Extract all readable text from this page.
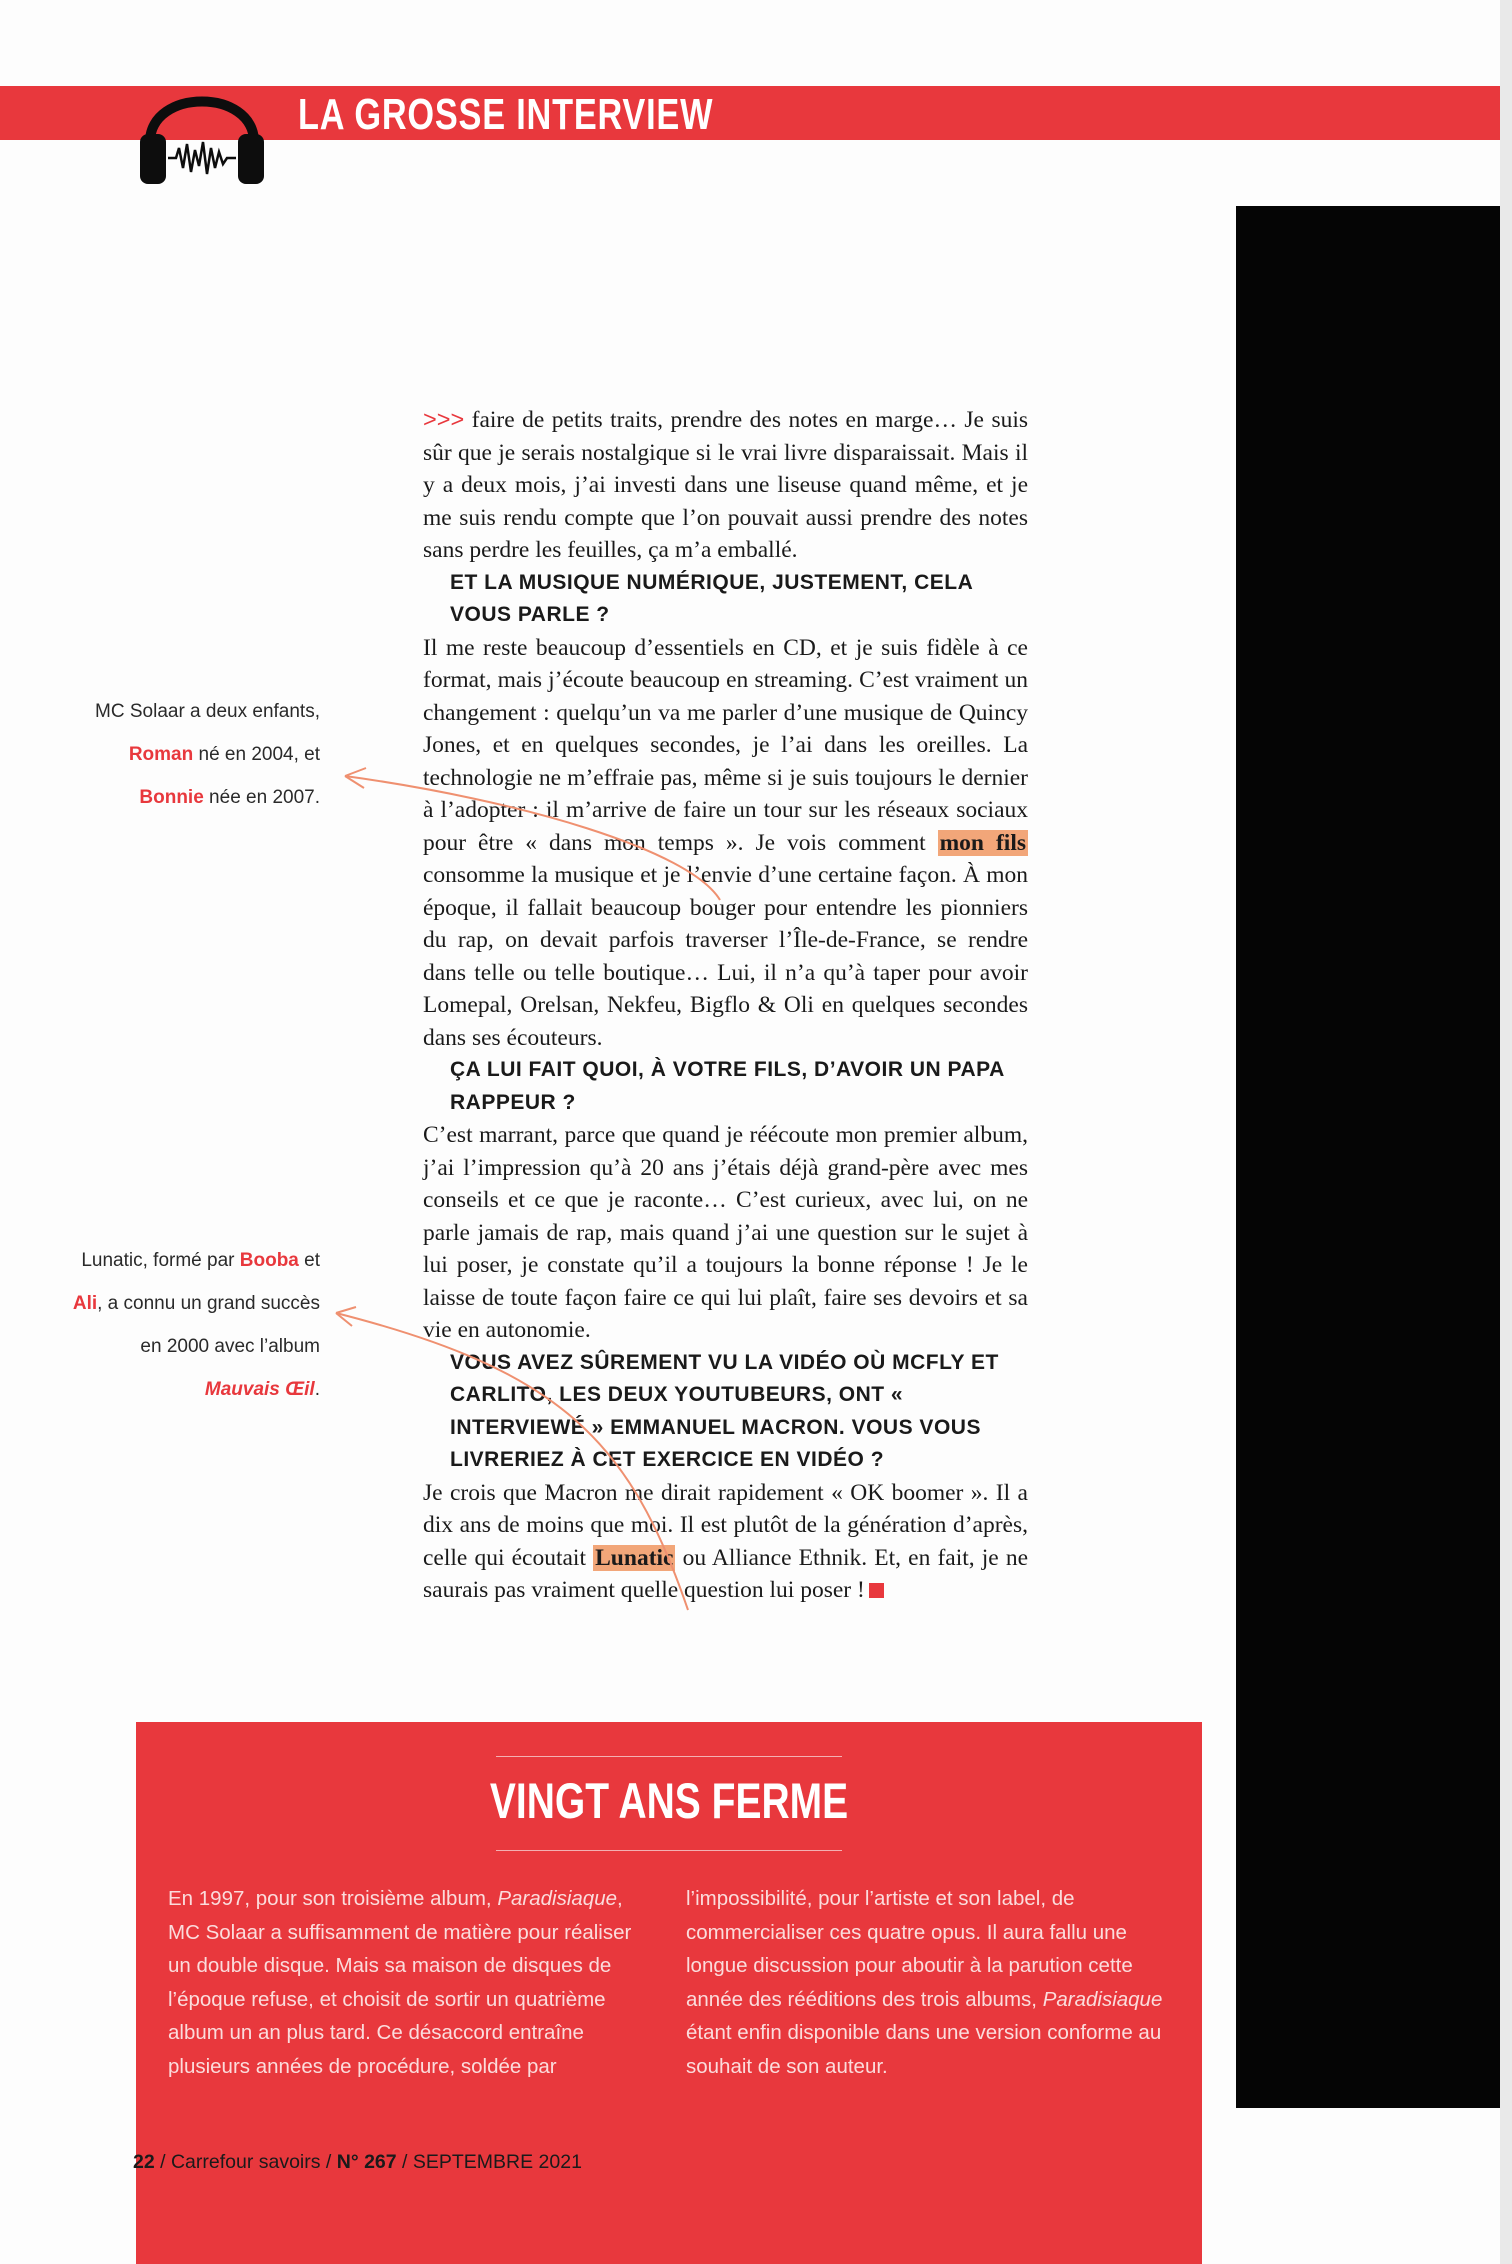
LA GROSSE INTERVIEW

>>> faire de petits traits, prendre des notes en marge… Je suis sûr que je serais nostalgique si le vrai livre disparaissait. Mais il y a deux mois, j’ai investi dans une liseuse quand même, et je me suis rendu compte que l’on pouvait aussi prendre des notes sans perdre les feuilles, ça m’a emballé.

ET LA MUSIQUE NUMÉRIQUE, JUSTEMENT, CELA VOUS PARLE ?

Il me reste beaucoup d’essentiels en CD, et je suis fidèle à ce format, mais j’écoute beaucoup en streaming. C’est vraiment un changement : quelqu’un va me parler d’une musique de Quincy Jones, et en quelques secondes, je l’ai dans les oreilles. La technologie ne m’effraie pas, même si je suis toujours le dernier à l’adopter : il m’arrive de faire un tour sur les réseaux sociaux pour être « dans mon temps ». Je vois comment mon fils consomme la musique et je l’envie d’une certaine façon. À mon époque, il fallait beaucoup bouger pour entendre les pionniers du rap, on devait parfois traverser l’Île-de-France, se rendre dans telle ou telle boutique… Lui, il n’a qu’à taper pour avoir Lomepal, Orelsan, Nekfeu, Bigflo & Oli en quelques secondes dans ses écouteurs.

ÇA LUI FAIT QUOI, À VOTRE FILS, D’AVOIR UN PAPA RAPPEUR ?

C’est marrant, parce que quand je réécoute mon premier album, j’ai l’impression qu’à 20 ans j’étais déjà grand-père avec mes conseils et ce que je raconte… C’est curieux, avec lui, on ne parle jamais de rap, mais quand j’ai une question sur le sujet à lui poser, je constate qu’il a toujours la bonne réponse ! Je le laisse de toute façon faire ce qui lui plaît, faire ses devoirs et sa vie en autonomie.

VOUS AVEZ SÛREMENT VU LA VIDÉO OÙ MCFLY ET CARLITO, LES DEUX YOUTUBEURS, ONT « INTERVIEWÉ » EMMANUEL MACRON. VOUS VOUS LIVRERIEZ À CET EXERCICE EN VIDÉO ?

Je crois que Macron me dirait rapidement « OK boomer ». Il a dix ans de moins que moi. Il est plutôt de la génération d’après, celle qui écoutait Lunatic ou Alliance Ethnik. Et, en fait, je ne saurais pas vraiment quelle question lui poser !

MC Solaar a deux enfants, Roman né en 2004, et Bonnie née en 2007.
Lunatic, formé par Booba et Ali, a connu un grand succès en 2000 avec l’album Mauvais Œil.
VINGT ANS FERME
En 1997, pour son troisième album, Paradisiaque, MC Solaar a suffisamment de matière pour réaliser un double disque. Mais sa maison de disques de l’époque refuse, et choisit de sortir un quatrième album un an plus tard. Ce désaccord entraîne plusieurs années de procédure, soldée par
l’impossibilité, pour l’artiste et son label, de commercialiser ces quatre opus. Il aura fallu une longue discussion pour aboutir à la parution cette année des rééditions des trois albums, Paradisiaque étant enfin disponible dans une version conforme au souhait de son auteur.
22 / Carrefour savoirs / N° 267 / SEPTEMBRE 2021
